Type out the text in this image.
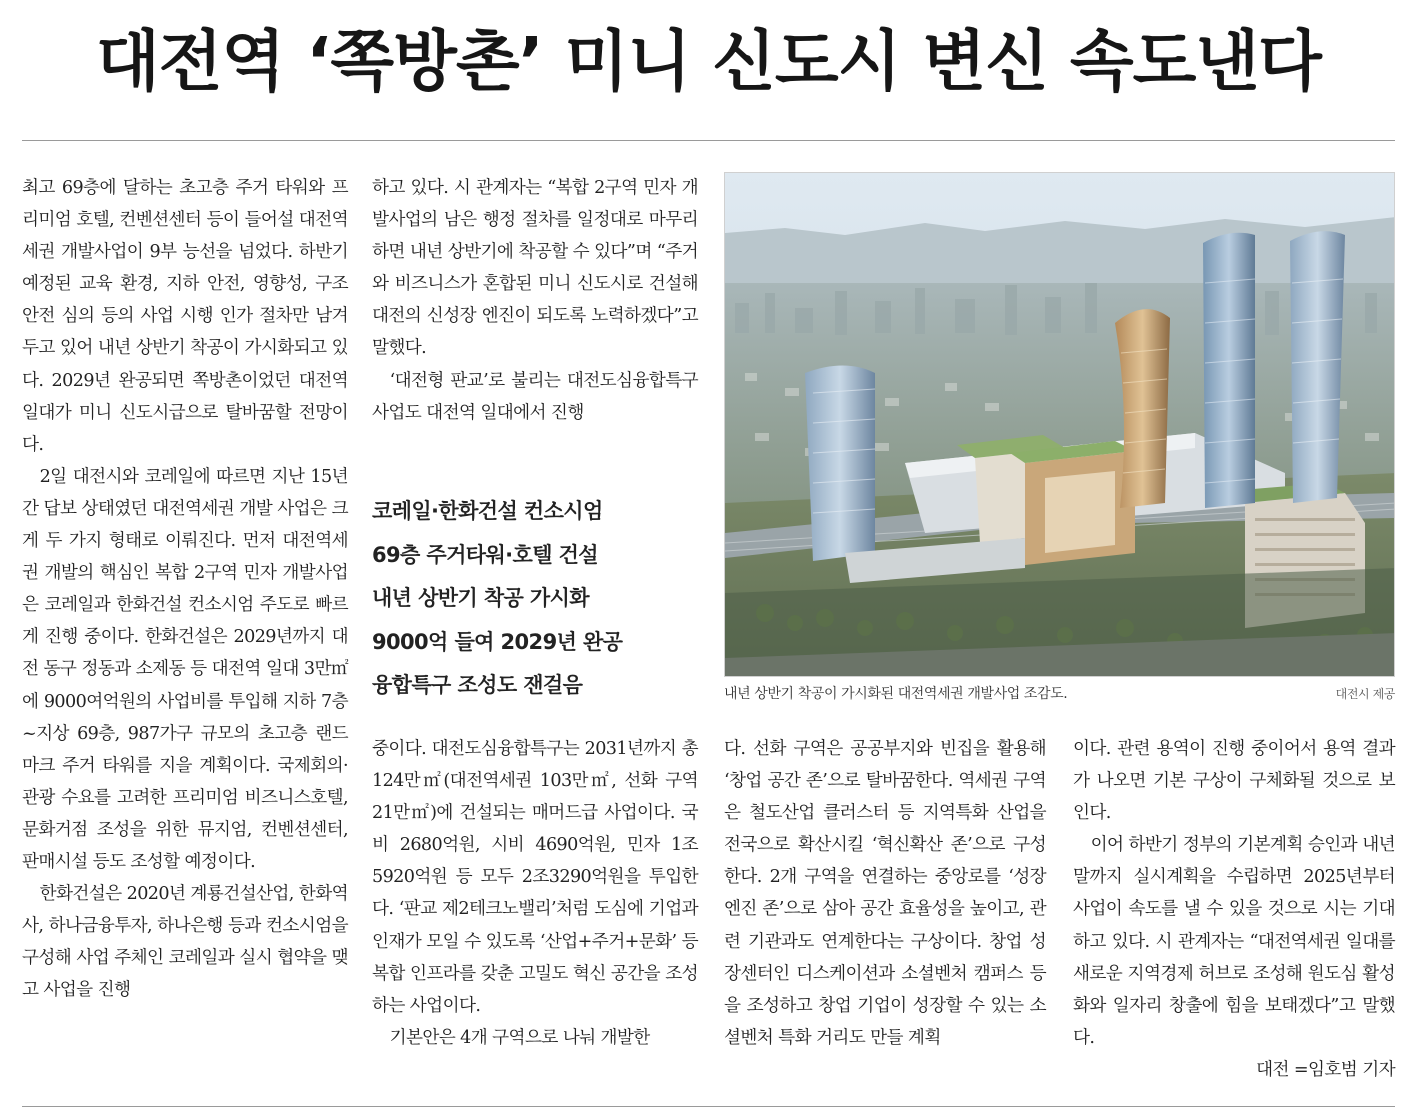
대전역 ‘쪽방촌’ 미니 신도시 변신 속도낸다

최고 69층에 달하는 초고층 주거 타워와 프리미엄 호텔, 컨벤션센터 등이 들어설 대전역세권 개발사업이 9부 능선을 넘었다. 하반기 예정된 교육 환경, 지하 안전, 영향성, 구조 안전 심의 등의 사업 시행 인가 절차만 남겨두고 있어 내년 상반기 착공이 가시화되고 있다. 2029년 완공되면 쪽방촌이었던 대전역 일대가 미니 신도시급으로 탈바꿈할 전망이다.

2일 대전시와 코레일에 따르면 지난 15년간 답보 상태였던 대전역세권 개발 사업은 크게 두 가지 형태로 이뤄진다. 먼저 대전역세권 개발의 핵심인 복합 2구역 민자 개발사업은 코레일과 한화건설 컨소시엄 주도로 빠르게 진행 중이다. 한화건설은 2029년까지 대전 동구 정동과 소제동 등 대전역 일대 3만㎡에 9000여억원의 사업비를 투입해 지하 7층~지상 69층, 987가구 규모의 초고층 랜드마크 주거 타워를 지을 계획이다. 국제회의·관광 수요를 고려한 프리미엄 비즈니스호텔, 문화거점 조성을 위한 뮤지엄, 컨벤션센터, 판매시설 등도 조성할 예정이다.

한화건설은 2020년 계룡건설산업, 한화역사, 하나금융투자, 하나은행 등과 컨소시엄을 구성해 사업 주체인 코레일과 실시 협약을 맺고 사업을 진행

하고 있다. 시 관계자는 “복합 2구역 민자 개발사업의 남은 행정 절차를 일정대로 마무리하면 내년 상반기에 착공할 수 있다”며 “주거와 비즈니스가 혼합된 미니 신도시로 건설해 대전의 신성장 엔진이 되도록 노력하겠다”고 말했다.

‘대전형 판교’로 불리는 대전도심융합특구 사업도 대전역 일대에서 진행

코레일·한화건설 컨소시엄
69층 주거타워·호텔 건설
내년 상반기 착공 가시화
9000억 들여 2029년 완공
융합특구 조성도 잰걸음

중이다. 대전도심융합특구는 2031년까지 총 124만㎡(대전역세권 103만㎡, 선화 구역 21만㎡)에 건설되는 매머드급 사업이다. 국비 2680억원, 시비 4690억원, 민자 1조5920억원 등 모두 2조3290억원을 투입한다. ‘판교 제2테크노밸리’처럼 도심에 기업과 인재가 모일 수 있도록 ‘산업+주거+문화’ 등 복합 인프라를 갖춘 고밀도 혁신 공간을 조성하는 사업이다.

기본안은 4개 구역으로 나눠 개발한

내년 상반기 착공이 가시화된 대전역세권 개발사업 조감도.	대전시 제공

다. 선화 구역은 공공부지와 빈집을 활용해 ‘창업 공간 존’으로 탈바꿈한다. 역세권 구역은 철도산업 클러스터 등 지역특화 산업을 전국으로 확산시킬 ‘혁신확산 존’으로 구성한다. 2개 구역을 연결하는 중앙로를 ‘성장엔진 존’으로 삼아 공간 효율성을 높이고, 관련 기관과도 연계한다는 구상이다. 창업 성장센터인 디스케이션과 소셜벤처 캠퍼스 등을 조성하고 창업 기업이 성장할 수 있는 소셜벤처 특화 거리도 만들 계획

이다. 관련 용역이 진행 중이어서 용역 결과가 나오면 기본 구상이 구체화될 것으로 보인다.

이어 하반기 정부의 기본계획 승인과 내년 말까지 실시계획을 수립하면 2025년부터 사업이 속도를 낼 수 있을 것으로 시는 기대하고 있다. 시 관계자는 “대전역세권 일대를 새로운 지역경제 허브로 조성해 원도심 활성화와 일자리 창출에 힘을 보태겠다”고 말했다.

대전 =임호범 기자
